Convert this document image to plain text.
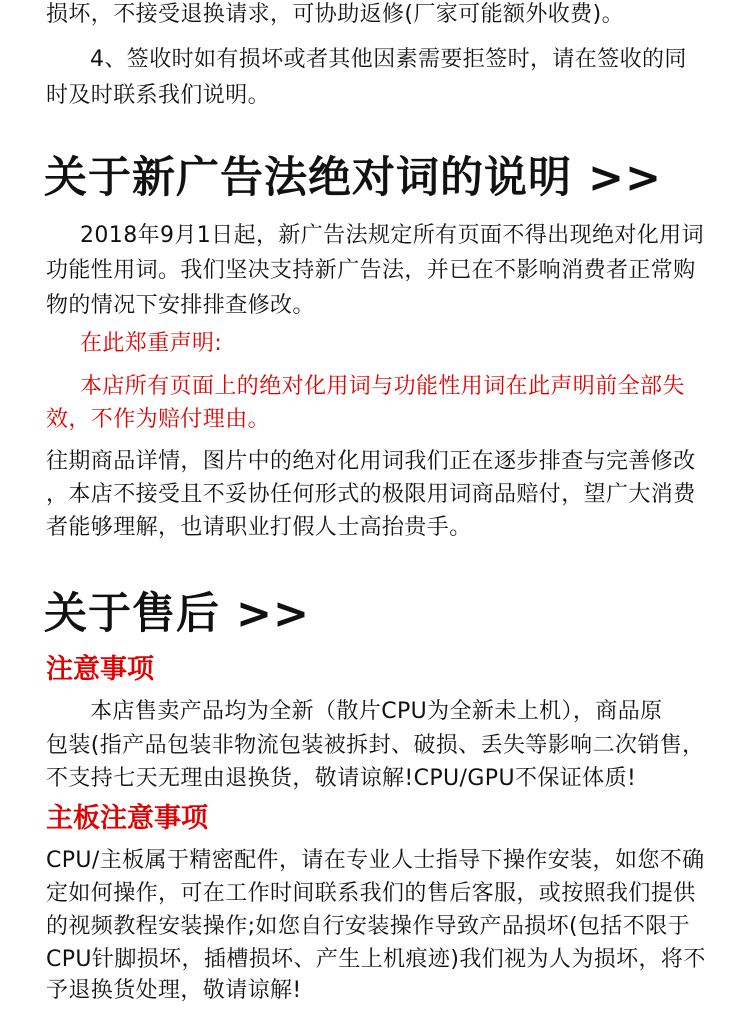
损坏，不接受退换请求，可协助返修(厂家可能额外收费)。
4、签收时如有损坏或者其他因素需要拒签时，请在签收的同
时及时联系我们说明。
关于新广告法绝对词的说明 >>
2018年9月1日起，新广告法规定所有页面不得出现绝对化用词
功能性用词。我们坚决支持新广告法，并已在不影响消费者正常购
物的情况下安排排查修改。
在此郑重声明:
本店所有页面上的绝对化用词与功能性用词在此声明前全部失
效，不作为赔付理由。
往期商品详情，图片中的绝对化用词我们正在逐步排查与完善修改
，本店不接受且不妥协任何形式的极限用词商品赔付，望广大消费
者能够理解，也请职业打假人士高抬贵手。
关于售后 >>
注意事项
本店售卖产品均为全新（散片CPU为全新未上机），商品原
包装(指产品包装非物流包装被拆封、破损、丢失等影响二次销售，
不支持七天无理由退换货，敬请谅解!CPU/GPU不保证体质!
主板注意事项
CPU/主板属于精密配件，请在专业人士指导下操作安装，如您不确
定如何操作，可在工作时间联系我们的售后客服，或按照我们提供
的视频教程安装操作;如您自行安装操作导致产品损坏(包括不限于
CPU针脚损坏，插槽损坏、产生上机痕迹)我们视为人为损坏，将不
予退换货处理，敬请谅解!
